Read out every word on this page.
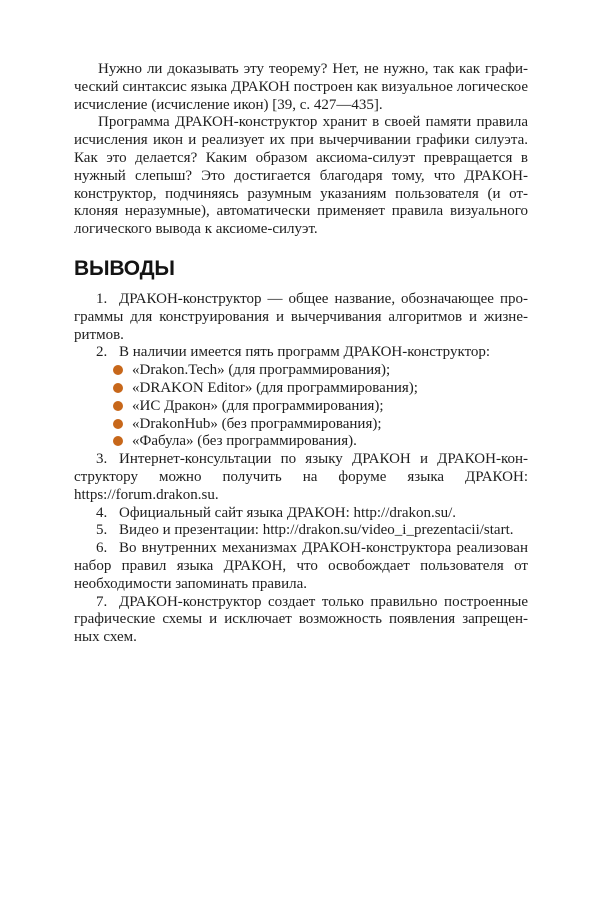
Нужно ли доказывать эту теорему? Нет, не нужно, так как графический синтаксис языка ДРАКОН построен как визуальное логическое исчисление (исчисление икон) [39, с. 427—435].

Программа ДРАКОН-конструктор хранит в своей памяти правила исчисления икон и реализует их при вычерчивании графики силуэта. Как это делается? Каким образом аксиома-силуэт превращается в нужный слепыш? Это достигается благодаря тому, что ДРАКОН-конструктор, подчиняясь разумным указаниям пользователя (и отклоняя неразумные), автоматически применяет правила визуального логического вывода к аксиоме-силуэт.

ВЫВОДЫ

1. ДРАКОН-конструктор — общее название, обозначающее программы для конструирования и вычерчивания алгоритмов и жизнеритмов.

2. В наличии имеется пять программ ДРАКОН-конструктор:

«Drakon.Tech» (для программирования);
«DRAKON Editor» (для программирования);
«ИС Дракон» (для программирования);
«DrakonHub» (без программирования);
«Фабула» (без программирования).

3. Интернет-консультации по языку ДРАКОН и ДРАКОН-конструктору можно получить на форуме языка ДРАКОН: https://forum.drakon.su.

4. Официальный сайт языка ДРАКОН: http://drakon.su/.

5. Видео и презентации: http://drakon.su/video_i_prezentacii/start.

6. Во внутренних механизмах ДРАКОН-конструктора реализован набор правил языка ДРАКОН, что освобождает пользователя от необходимости запоминать правила.

7. ДРАКОН-конструктор создает только правильно построенные графические схемы и исключает возможность появления запрещенных схем.
